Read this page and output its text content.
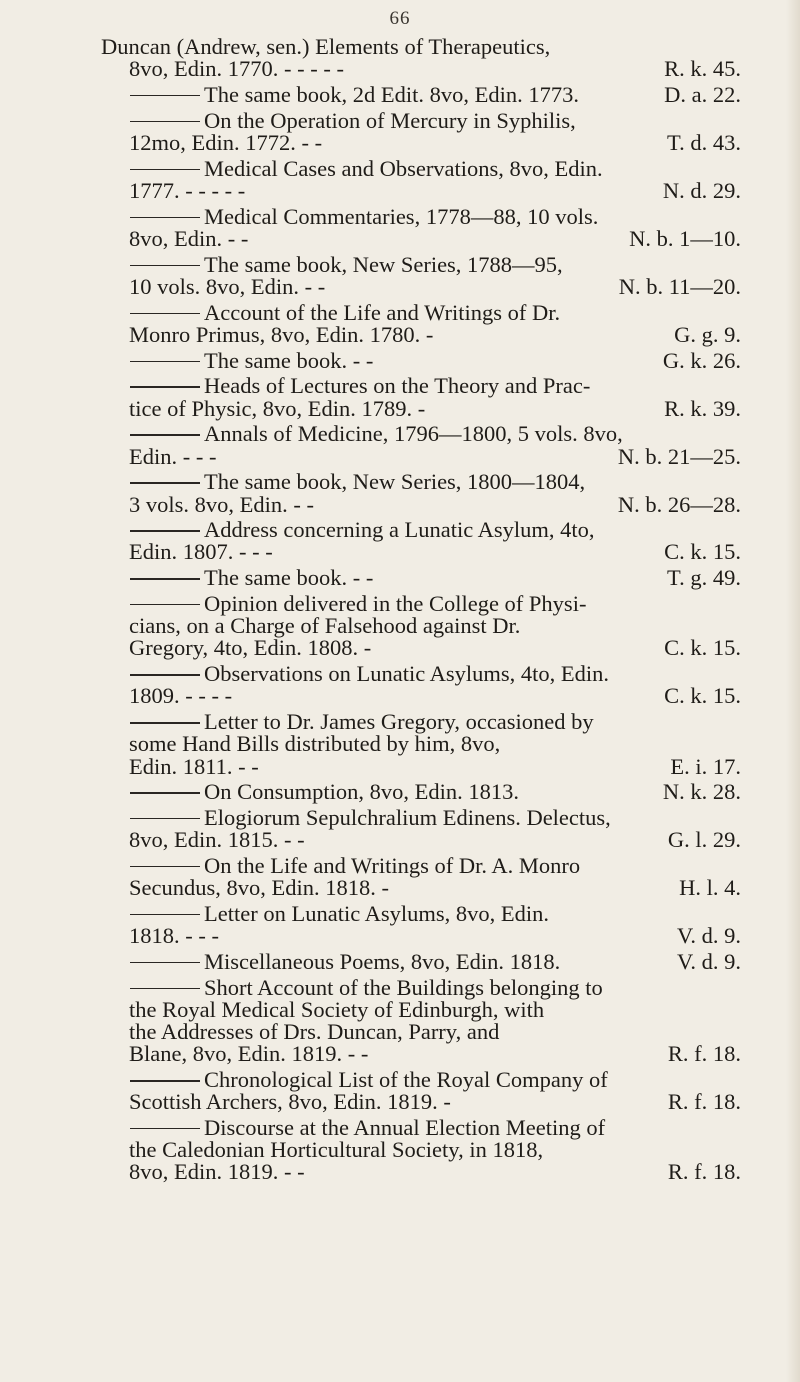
66
Duncan (Andrew, sen.) Elements of Therapeutics,
8vo, Edin. 1770. - - - - -	R. k. 45.
The same book, 2d Edit. 8vo, Edin. 1773.	D. a. 22.
On the Operation of Mercury in Syphilis,
12mo, Edin. 1772. - -	T. d. 43.
Medical Cases and Observations, 8vo, Edin.
1777. - - - - -	N. d. 29.
Medical Commentaries, 1778—88, 10 vols.
8vo, Edin. - -	N. b. 1—10.
The same book, New Series, 1788—95,
10 vols. 8vo, Edin. - -	N. b. 11—20.
Account of the Life and Writings of Dr.
Monro Primus, 8vo, Edin. 1780. -	G. g. 9.
The same book. - -	G. k. 26.
Heads of Lectures on the Theory and Prac-
tice of Physic, 8vo, Edin. 1789. -	R. k. 39.
Annals of Medicine, 1796—1800, 5 vols. 8vo,
Edin. - - -	N. b. 21—25.
The same book, New Series, 1800—1804,
3 vols. 8vo, Edin. - -	N. b. 26—28.
Address concerning a Lunatic Asylum, 4to,
Edin. 1807. - - -	C. k. 15.
The same book. - -	T. g. 49.
Opinion delivered in the College of Physi-
cians, on a Charge of Falsehood against Dr.
Gregory, 4to, Edin. 1808. -	C. k. 15.
Observations on Lunatic Asylums, 4to, Edin.
1809. - - - -	C. k. 15.
Letter to Dr. James Gregory, occasioned by
some Hand Bills distributed by him, 8vo,
Edin. 1811. - -	E. i. 17.
On Consumption, 8vo, Edin. 1813.	N. k. 28.
Elogiorum Sepulchralium Edinens. Delectus,
8vo, Edin. 1815. - -	G. l. 29.
On the Life and Writings of Dr. A. Monro
Secundus, 8vo, Edin. 1818. -	H. l. 4.
Letter on Lunatic Asylums, 8vo, Edin.
1818. - - -	V. d. 9.
Miscellaneous Poems, 8vo, Edin. 1818.	V. d. 9.
Short Account of the Buildings belonging to
the Royal Medical Society of Edinburgh, with
the Addresses of Drs. Duncan, Parry, and
Blane, 8vo, Edin. 1819. - -	R. f. 18.
Chronological List of the Royal Company of
Scottish Archers, 8vo, Edin. 1819. -	R. f. 18.
Discourse at the Annual Election Meeting of
the Caledonian Horticultural Society, in 1818,
8vo, Edin. 1819. - -	R. f. 18.
